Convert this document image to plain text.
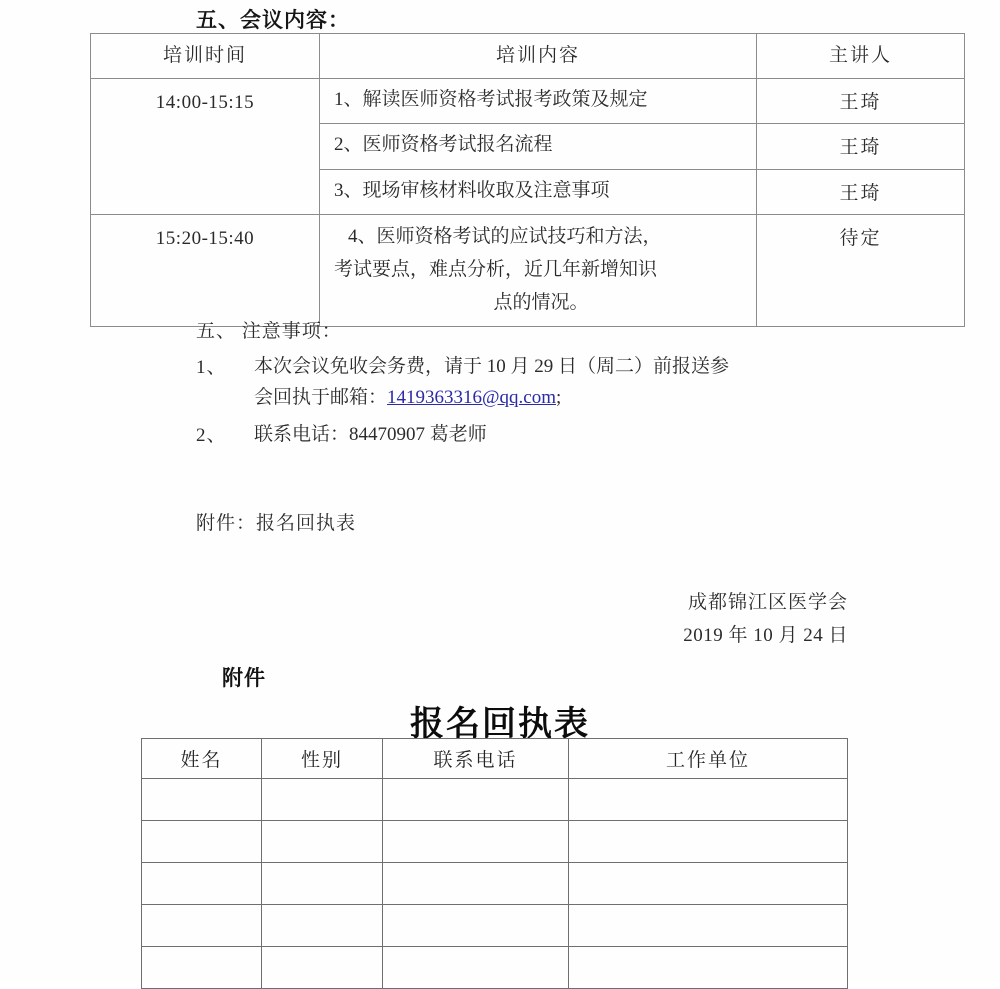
五、会议内容：
培训时间	培训内容	主讲人
14:00-15:15	1、解读医师资格考试报考政策及规定	王琦
	2、医师资格考试报名流程	王琦
	3、现场审核材料收取及注意事项	王琦
15:20-15:40	4、医师资格考试的应试技巧和方法，
考试要点，难点分析，近几年新增知识
点的情况。	待定
五、 注意事项：
1、	本次会议免收会务费，请于 10 月 29 日（周二）前报送参
会回执于邮箱：1419363316@qq.com;
2、	联系电话：84470907 葛老师
附件：报名回执表
成都锦江区医学会
2019 年 10 月 24 日
附件
报名回执表
姓名	性别	联系电话	工作单位
